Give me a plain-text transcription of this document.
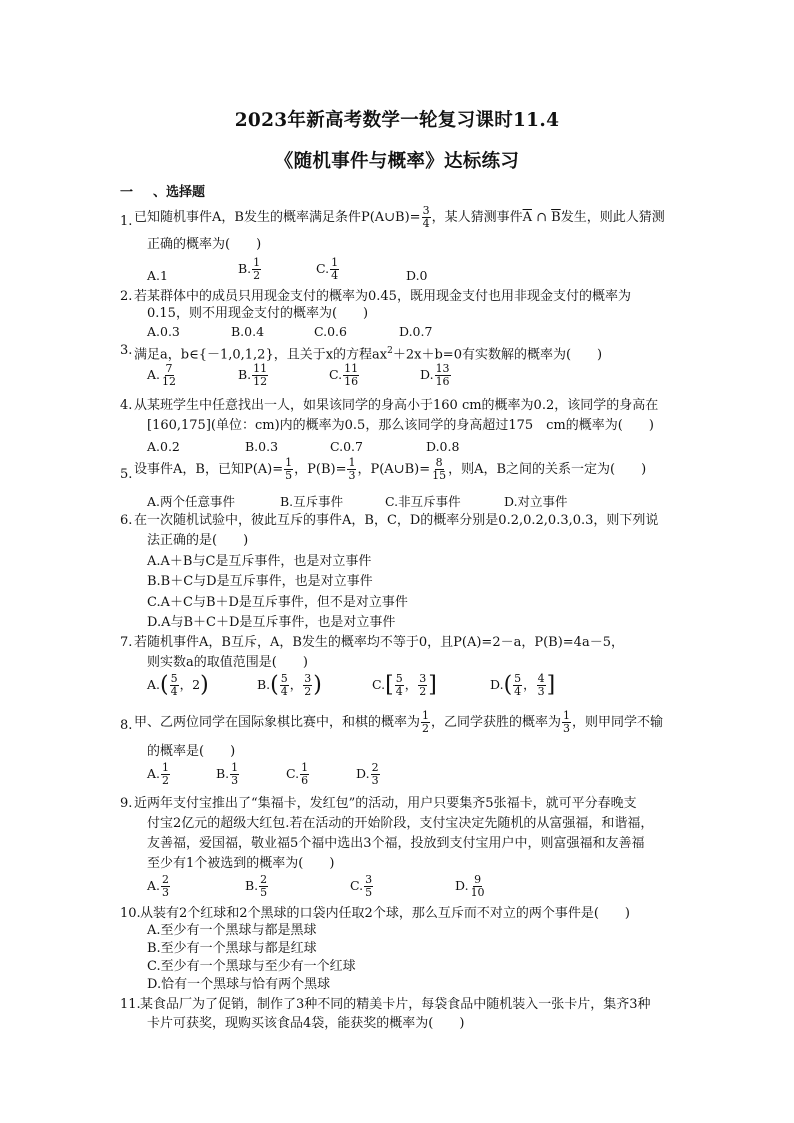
2023年新高考数学一轮复习课时11.4
《随机事件与概率》达标练习
一 、选择题
1. 已知随机事件A，B发生的概率满足条件P(A∪B)= $\frac{3}{4}$ ，某人猜测事件$\overline{A}$ ∩ $\overline{B}$发生，则此人猜测
正确的概率为(　　)
A.1	B. $\frac{1}{2}$	C. $\frac{1}{4}$	D.0
2. 若某群体中的成员只用现金支付的概率为0.45，既用现金支付也用非现金支付的概率为
0.15，则不用现金支付的概率为(　　)
A.0.3	B.0.4	C.0.6	D.0.7
3. 满足a，b∈{－1,0,1,2}，且关于x的方程$ax^2+2x+b=0$有实数解的概率为(　　)
A. $\frac{7}{12}$	B. $\frac{11}{12}$	C. $\frac{11}{16}$	D. $\frac{13}{16}$
4. 从某班学生中任意找出一人，如果该同学的身高小于160 cm的概率为0.2，该同学的身高在
[160,175](单位：cm)内的概率为0.5，那么该同学的身高超过175　cm的概率为(　　)
A.0.2	B.0.3	C.0.7	D.0.8
5. 设事件A，B，已知$P(A)= \frac{1}{5}$ ，$P(B)= \frac{1}{3}$ ，P(A∪B)= $\frac{8}{15}$ ，则A，B之间的关系一定为(　　)
A.两个任意事件	B.互斥事件	C.非互斥事件	D.对立事件
6. 在一次随机试验中，彼此互斥的事件A，B，C，D的概率分别是0.2,0.2,0.3,0.3，则下列说
法正确的是(　　)
A.A＋B与C是互斥事件，也是对立事件
B.B＋C与D是互斥事件，也是对立事件
C.A＋C与B＋D是互斥事件，但不是对立事件
D.A与B＋C＋D是互斥事件，也是对立事件
7. 若随机事件A，B互斥，A，B发生的概率均不等于0，且P(A)=2－a，P(B)=4a－5，
则实数a的取值范围是(　　)
$A.( \frac{5}{4}$ ，2)	$B.( \frac{5}{4}$ ， $\frac{3}{2}$ )	$C.[ \frac{5}{4}$ ， $\frac{3}{2}$ ]	$D.( \frac{5}{4}$ ， $\frac{4}{3}$ ]
8. 甲、乙两位同学在国际象棋比赛中，和棋的概率为 $\frac{1}{2}$ ，乙同学获胜的概率为 $\frac{1}{3}$ ，则甲同学不输
的概率是(　　)
A. $\frac{1}{2}$	B. $\frac{1}{3}$	C. $\frac{1}{6}$	D. $\frac{2}{3}$
9. 近两年支付宝推出了“集福卡，发红包”的活动，用户只要集齐5张福卡，就可平分春晚支
付宝2亿元的超级大红包.若在活动的开始阶段，支付宝决定先随机的从富强福，和谐福，
友善福，爱国福，敬业福5个福中选出3个福，投放到支付宝用户中，则富强福和友善福
至少有1个被选到的概率为(　　)
A. $\frac{2}{3}$	B. $\frac{2}{5}$	C. $\frac{3}{5}$	D. $\frac{9}{10}$
10. 从装有2个红球和2个黑球的口袋内任取2个球，那么互斥而不对立的两个事件是(　　)
A.至少有一个黑球与都是黑球
B.至少有一个黑球与都是红球
C.至少有一个黑球与至少有一个红球
D.恰有一个黑球与恰有两个黑球
11. 某食品厂为了促销，制作了3种不同的精美卡片，每袋食品中随机装入一张卡片，集齐3种
卡片可获奖，现购买该食品4袋，能获奖的概率为(　　)
